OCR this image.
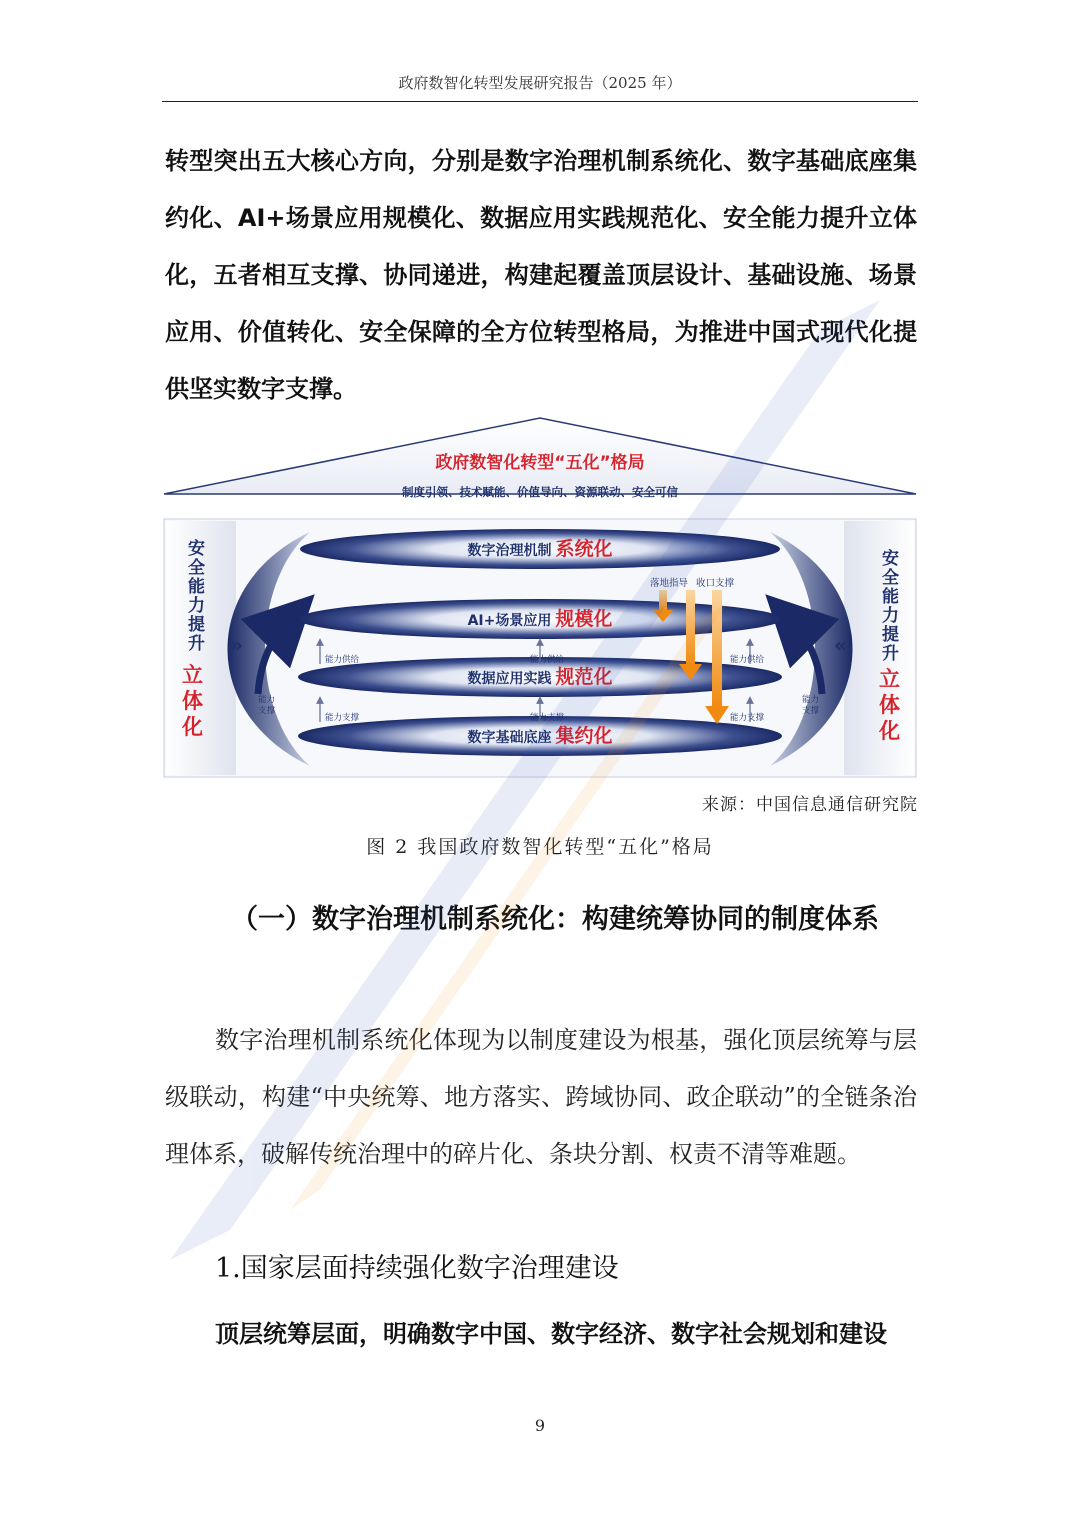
政府数智化转型发展研究报告（2025 年）

转型突出五大核心方向，分别是数字治理机制系统化、数字基础底座集约化、AI+场景应用规模化、数据应用实践规范化、安全能力提升立体化，五者相互支撑、协同递进，构建起覆盖顶层设计、基础设施、场景应用、价值转化、安全保障的全方位转型格局，为推进中国式现代化提供坚实数字支撑。

政府数智化转型“五化”格局
制度引领、技术赋能、价值导向、资源联动、安全可信
安全能力提升
立体化
安全能力提升
立体化
»	«
数字治理机制 系统化
AI+场景应用 规模化
数据应用实践 规范化
数字基础底座 集约化
能力供给	能力供给	能力供给
能力支撑	能力支撑	能力支撑
能力
支撑
能力
支撑
落地指导 收口支撑
来源：中国信息通信研究院
图 2 我国政府数智化转型“五化”格局

（一）数字治理机制系统化：构建统筹协同的制度体系

数字治理机制系统化体现为以制度建设为根基，强化顶层统筹与层级联动，构建“中央统筹、地方落实、跨域协同、政企联动”的全链条治理体系，破解传统治理中的碎片化、条块分割、权责不清等难题。

1.国家层面持续强化数字治理建设

顶层统筹层面，明确数字中国、数字经济、数字社会规划和建设

9
